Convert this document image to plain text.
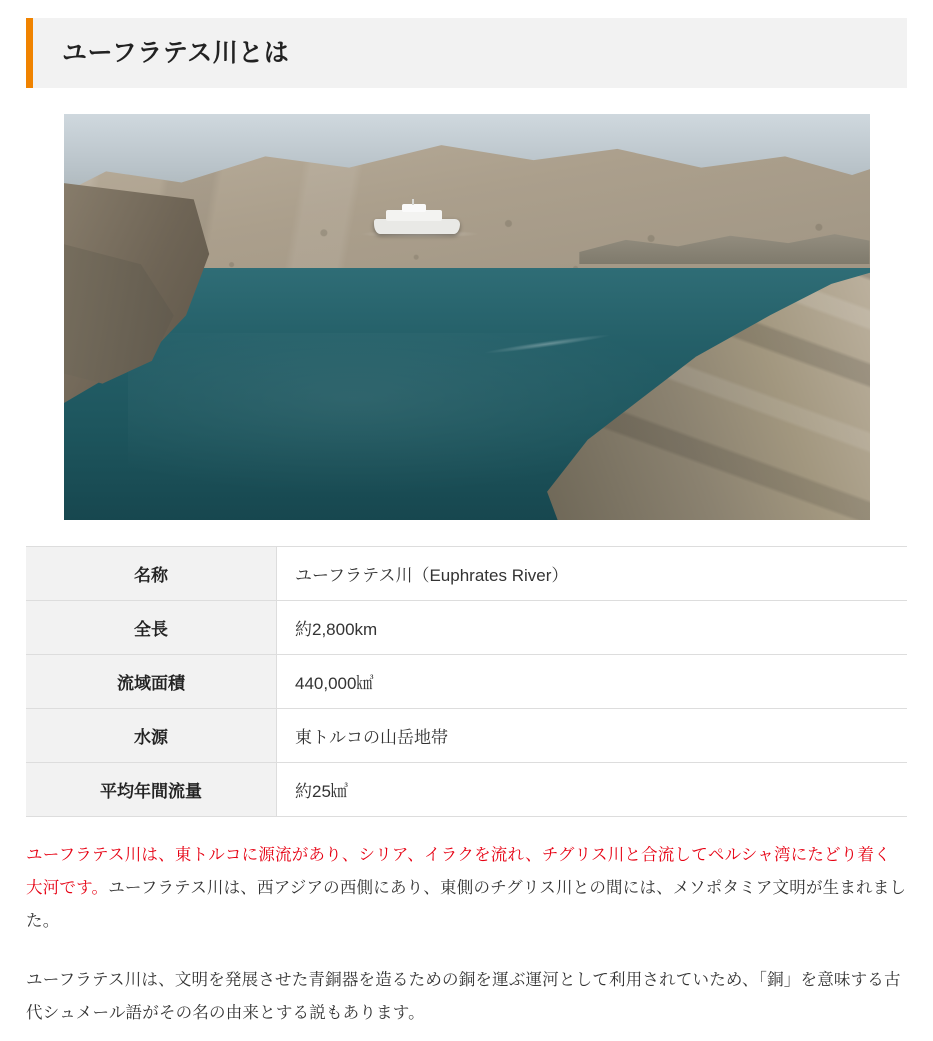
ユーフラテス川とは
名称	ユーフラテス川（Euphrates River）
全長	約2,800km
流域面積	440,000㎦
水源	東トルコの山岳地帯
平均年間流量	約25㎦

ユーフラテス川は、東トルコに源流があり、シリア、イラクを流れ、チグリス川と合流してペルシャ湾にたどり着く大河です。ユーフラテス川は、西アジアの西側にあり、東側のチグリス川との間には、メソポタミア文明が生まれました。

ユーフラテス川は、文明を発展させた青銅器を造るための銅を運ぶ運河として利用されていため、「銅」を意味する古代シュメール語がその名の由来とする説もあります。
